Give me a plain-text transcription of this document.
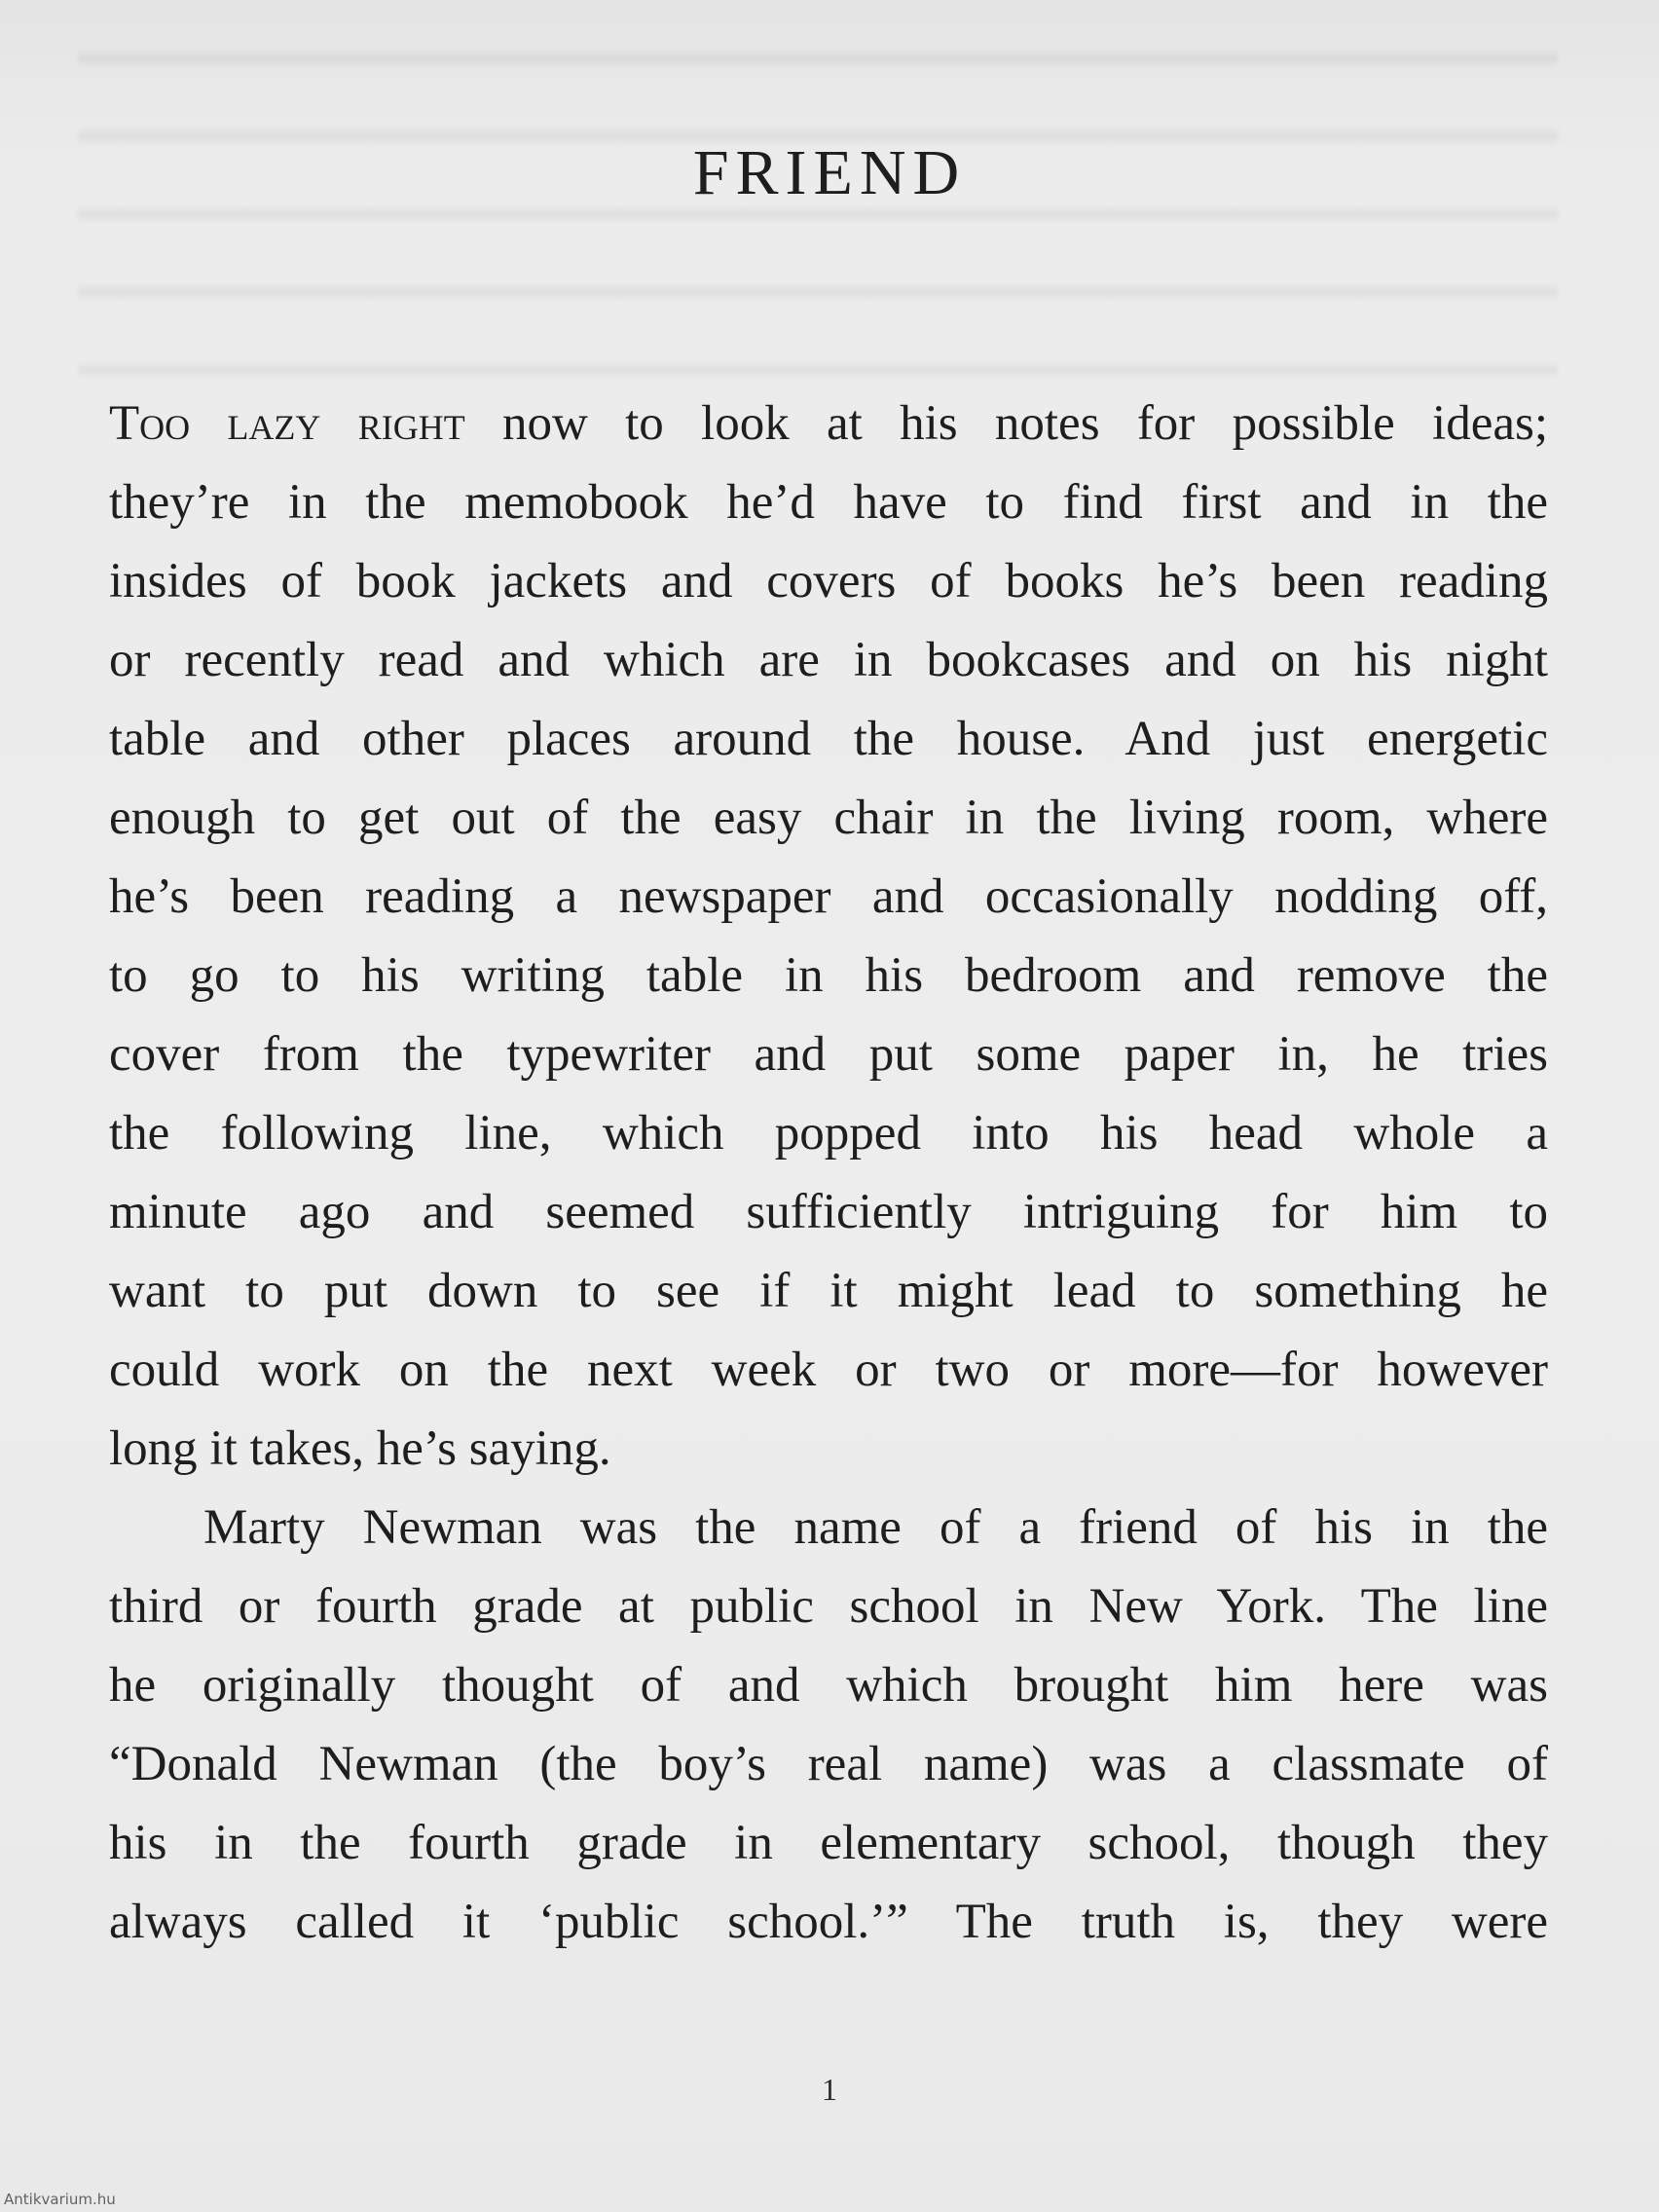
FRIEND
Too lazy right now to look at his notes for possible ideas;
they’re in the memobook he’d have to find first and in the
insides of book jackets and covers of books he’s been reading
or recently read and which are in bookcases and on his night
table and other places around the house. And just energetic
enough to get out of the easy chair in the living room, where
he’s been reading a newspaper and occasionally nodding off,
to go to his writing table in his bedroom and remove the
cover from the typewriter and put some paper in, he tries
the following line, which popped into his head whole a
minute ago and seemed sufficiently intriguing for him to
want to put down to see if it might lead to something he
could work on the next week or two or more—for however
long it takes, he’s saying.
Marty Newman was the name of a friend of his in the
third or fourth grade at public school in New York. The line
he originally thought of and which brought him here was
“Donald Newman (the boy’s real name) was a classmate of
his in the fourth grade in elementary school, though they
always called it ‘public school.’” The truth is, they were
1
Antikvarium.hu
